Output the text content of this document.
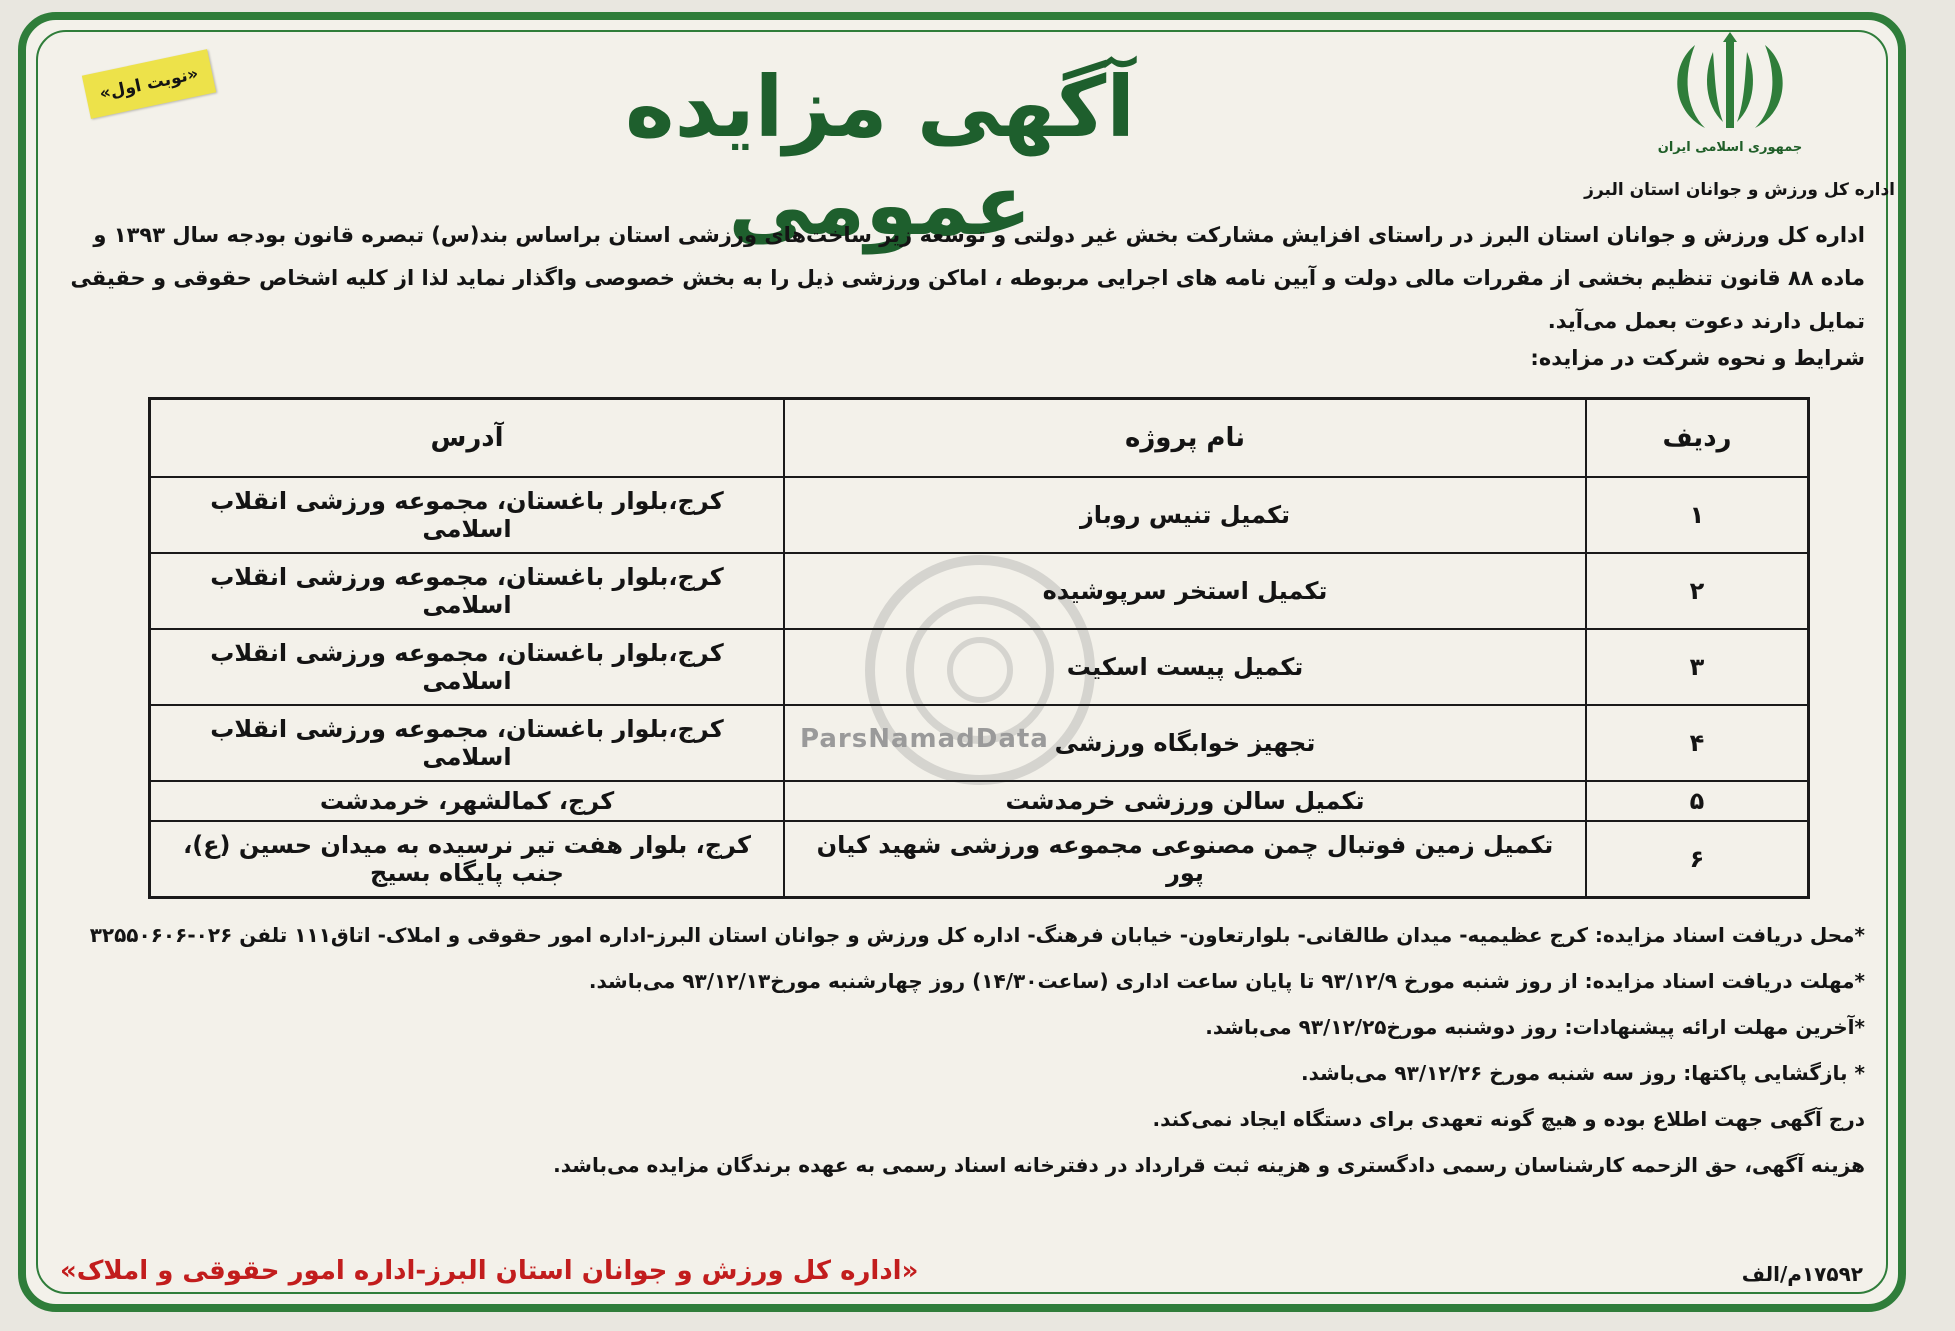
«نوبت اول»	آگهی مزایده عمومی
جمهوری اسلامی ایران
اداره کل ورزش و جوانان استان البرز
اداره کل ورزش و جوانان استان البرز در راستای افزایش مشارکت بخش غیر دولتی و توسعه زیر ساخت‌های ورزشی استان براساس بند(س) تبصره قانون بودجه سال ۱۳۹۳ و ماده ۸۸ قانون تنظیم بخشی از مقررات مالی دولت و آیین نامه های اجرایی مربوطه ، اماکن ورزشی ذیل را به بخش خصوصی واگذار نماید لذا از کلیه اشخاص حقوقی و حقیقی تمایل دارند دعوت بعمل می‌آید.
شرایط و نحوه شرکت در مزایده:
ParsNamadData
ردیف	نام پروژه	آدرس
۱	تکمیل تنیس روباز	کرج،بلوار باغستان، مجموعه ورزشی انقلاب اسلامی
۲	تکمیل استخر سرپوشیده	کرج،بلوار باغستان، مجموعه ورزشی انقلاب اسلامی
۳	تکمیل پیست اسکیت	کرج،بلوار باغستان، مجموعه ورزشی انقلاب اسلامی
۴	تجهیز خوابگاه ورزشی	کرج،بلوار باغستان، مجموعه ورزشی انقلاب اسلامی
۵	تکمیل سالن ورزشی خرمدشت	کرج، کمالشهر، خرمدشت
۶	تکمیل زمین فوتبال چمن مصنوعی مجموعه ورزشی شهید کیان پور	کرج، بلوار هفت تیر نرسیده به میدان حسین (ع)، جنب پایگاه بسیج

*محل دریافت اسناد مزایده: کرج عظیمیه- میدان طالقانی- بلوارتعاون- خیابان فرهنگ- اداره کل ورزش و جوانان استان البرز-اداره امور حقوقی و املاک- اتاق۱۱۱ تلفن ۰۲۶-۳۲۵۵۰۶۰۶

*مهلت دریافت اسناد مزایده: از روز شنبه مورخ ۹۳/۱۲/۹ تا پایان ساعت اداری (ساعت۱۴/۳۰) روز چهارشنبه مورخ۹۳/۱۲/۱۳ می‌باشد.

*آخرین مهلت ارائه پیشنهادات: روز دوشنبه مورخ۹۳/۱۲/۲۵ می‌باشد.

* بازگشایی پاکتها: روز سه شنبه مورخ ۹۳/۱۲/۲۶ می‌باشد.

درج آگهی جهت اطلاع بوده و هیچ گونه تعهدی برای دستگاه ایجاد نمی‌کند.

هزینه آگهی، حق الزحمه کارشناسان رسمی دادگستری و هزینه ثبت قرارداد در دفترخانه اسناد رسمی به عهده برندگان مزایده می‌باشد.

۱۷۵۹۲م/الف
«اداره کل ورزش و جوانان استان البرز-اداره امور حقوقی و املاک»
